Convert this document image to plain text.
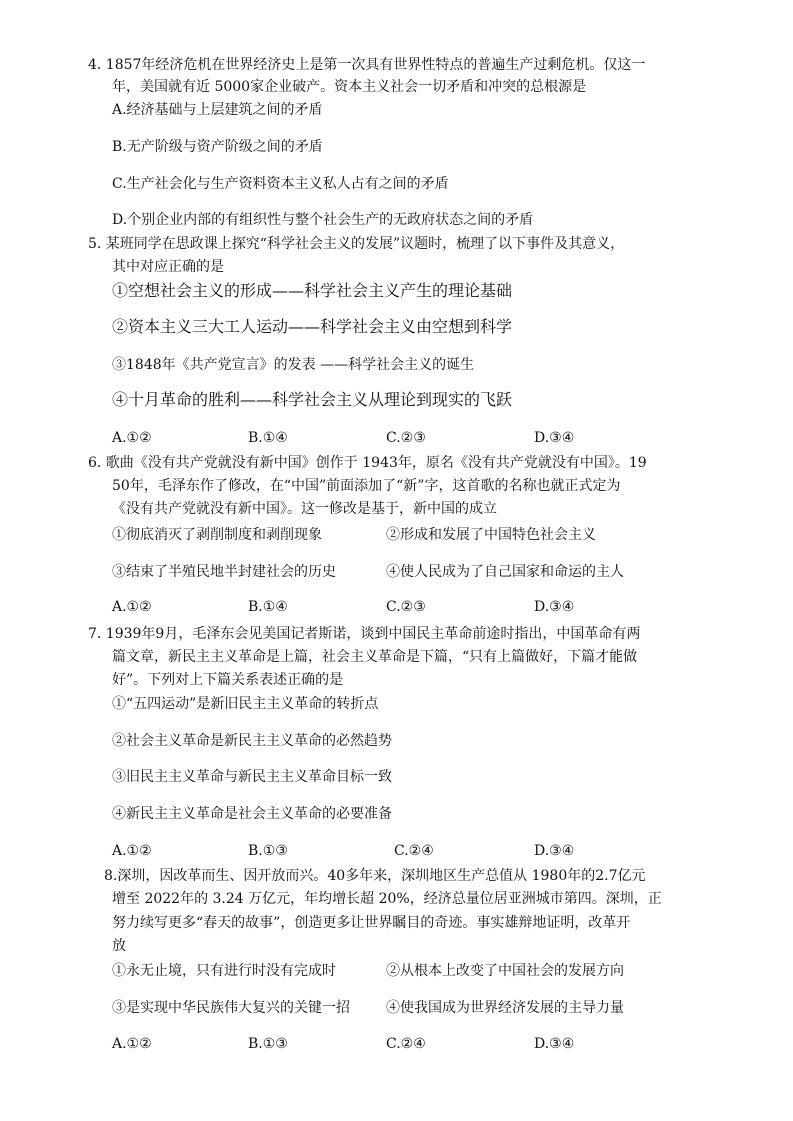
4. 1857年经济危机在世界经济史上是第一次具有世界性特点的普遍生产过剩危机。仅这一
年，美国就有近 5000家企业破产。资本主义社会一切矛盾和冲突的总根源是
A.经济基础与上层建筑之间的矛盾
B.无产阶级与资产阶级之间的矛盾
C.生产社会化与生产资料资本主义私人占有之间的矛盾
D.个别企业内部的有组织性与整个社会生产的无政府状态之间的矛盾
5. 某班同学在思政课上探究“科学社会主义的发展”议题时，梳理了以下事件及其意义，
其中对应正确的是
①空想社会主义的形成——科学社会主义产生的理论基础
②资本主义三大工人运动——科学社会主义由空想到科学
③1848年《共产党宣言》的发表 ——科学社会主义的诞生
④十月革命的胜利——科学社会主义从理论到现实的飞跃
A.①②	B.①④	C.②③	D.③④
6. 歌曲《没有共产党就没有新中国》创作于 1943年，原名《没有共产党就没有中国》。19
50年，毛泽东作了修改，在“中国”前面添加了“新”字，这首歌的名称也就正式定为
《没有共产党就没有新中国》。这一修改是基于，新中国的成立
①彻底消灭了剥削制度和剥削现象	②形成和发展了中国特色社会主义
③结束了半殖民地半封建社会的历史	④使人民成为了自己国家和命运的主人
A.①②	B.①④	C.②③	D.③④
7. 1939年9月，毛泽东会见美国记者斯诺，谈到中国民主革命前途时指出，中国革命有两
篇文章，新民主主义革命是上篇，社会主义革命是下篇，“只有上篇做好，下篇才能做
好”。下列对上下篇关系表述正确的是
①“五四运动”是新旧民主主义革命的转折点
②社会主义革命是新民主主义革命的必然趋势
③旧民主主义革命与新民主主义革命目标一致
④新民主主义革命是社会主义革命的必要准备
A.①②	B.①③	C.②④	D.③④
8.深圳，因改革而生、因开放而兴。40多年来，深圳地区生产总值从 1980年的2.7亿元
增至 2022年的 3.24 万亿元，年均增长超 20%，经济总量位居亚洲城市第四。深圳，正
努力续写更多“春天的故事”，创造更多让世界瞩目的奇迹。事实雄辩地证明，改革开
放
①永无止境，只有进行时没有完成时	②从根本上改变了中国社会的发展方向
③是实现中华民族伟大复兴的关键一招	④使我国成为世界经济发展的主导力量
A.①②	B.①③	C.②④	D.③④
